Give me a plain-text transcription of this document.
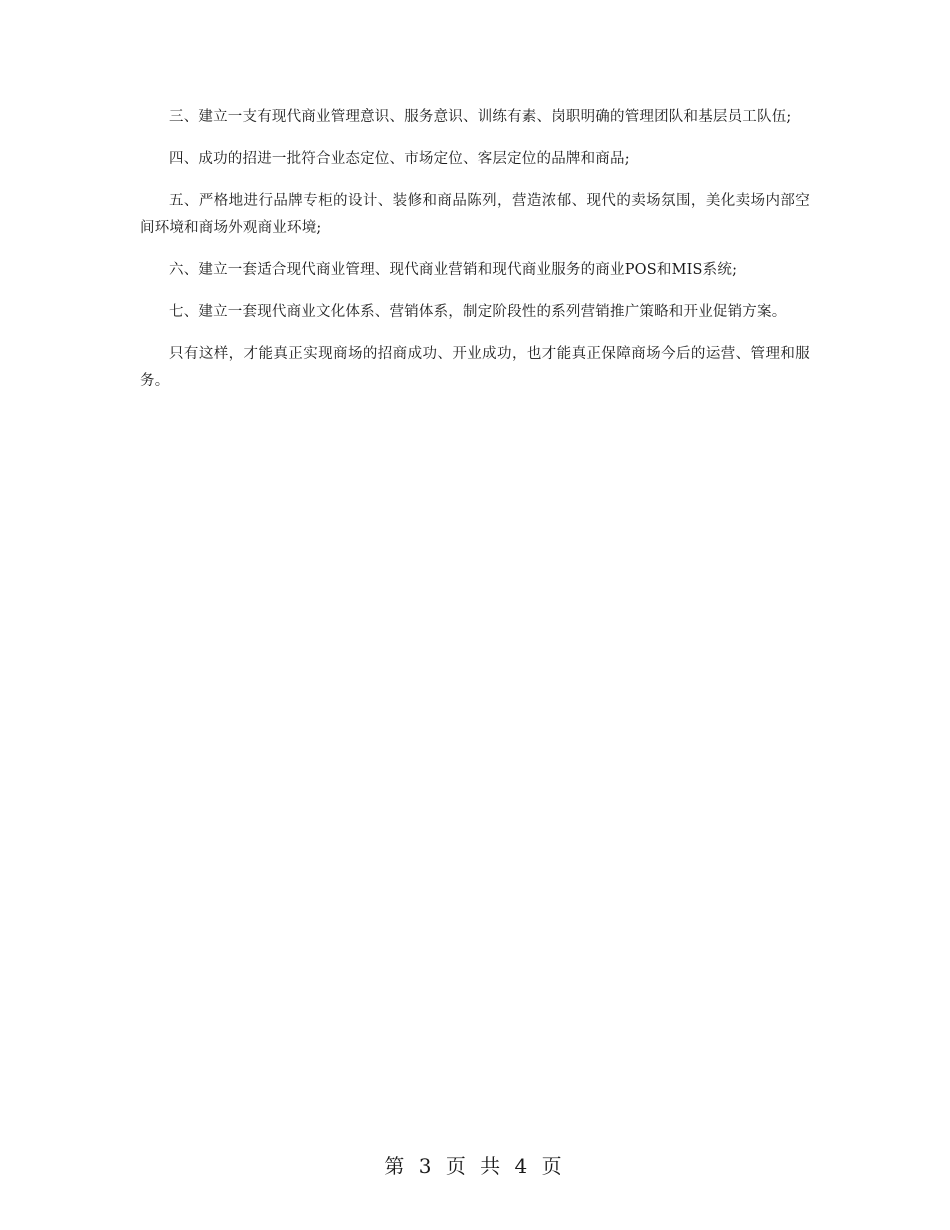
三、建立一支有现代商业管理意识、服务意识、训练有素、岗职明确的管理团队和基层员工队伍;

四、成功的招进一批符合业态定位、市场定位、客层定位的品牌和商品;

五、严格地进行品牌专柜的设计、装修和商品陈列，营造浓郁、现代的卖场氛围，美化卖场内部空间环境和商场外观商业环境;

六、建立一套适合现代商业管理、现代商业营销和现代商业服务的商业POS和MIS系统;

七、建立一套现代商业文化体系、营销体系，制定阶段性的系列营销推广策略和开业促销方案。

只有这样，才能真正实现商场的招商成功、开业成功，也才能真正保障商场今后的运营、管理和服务。

第 3 页 共 4 页
